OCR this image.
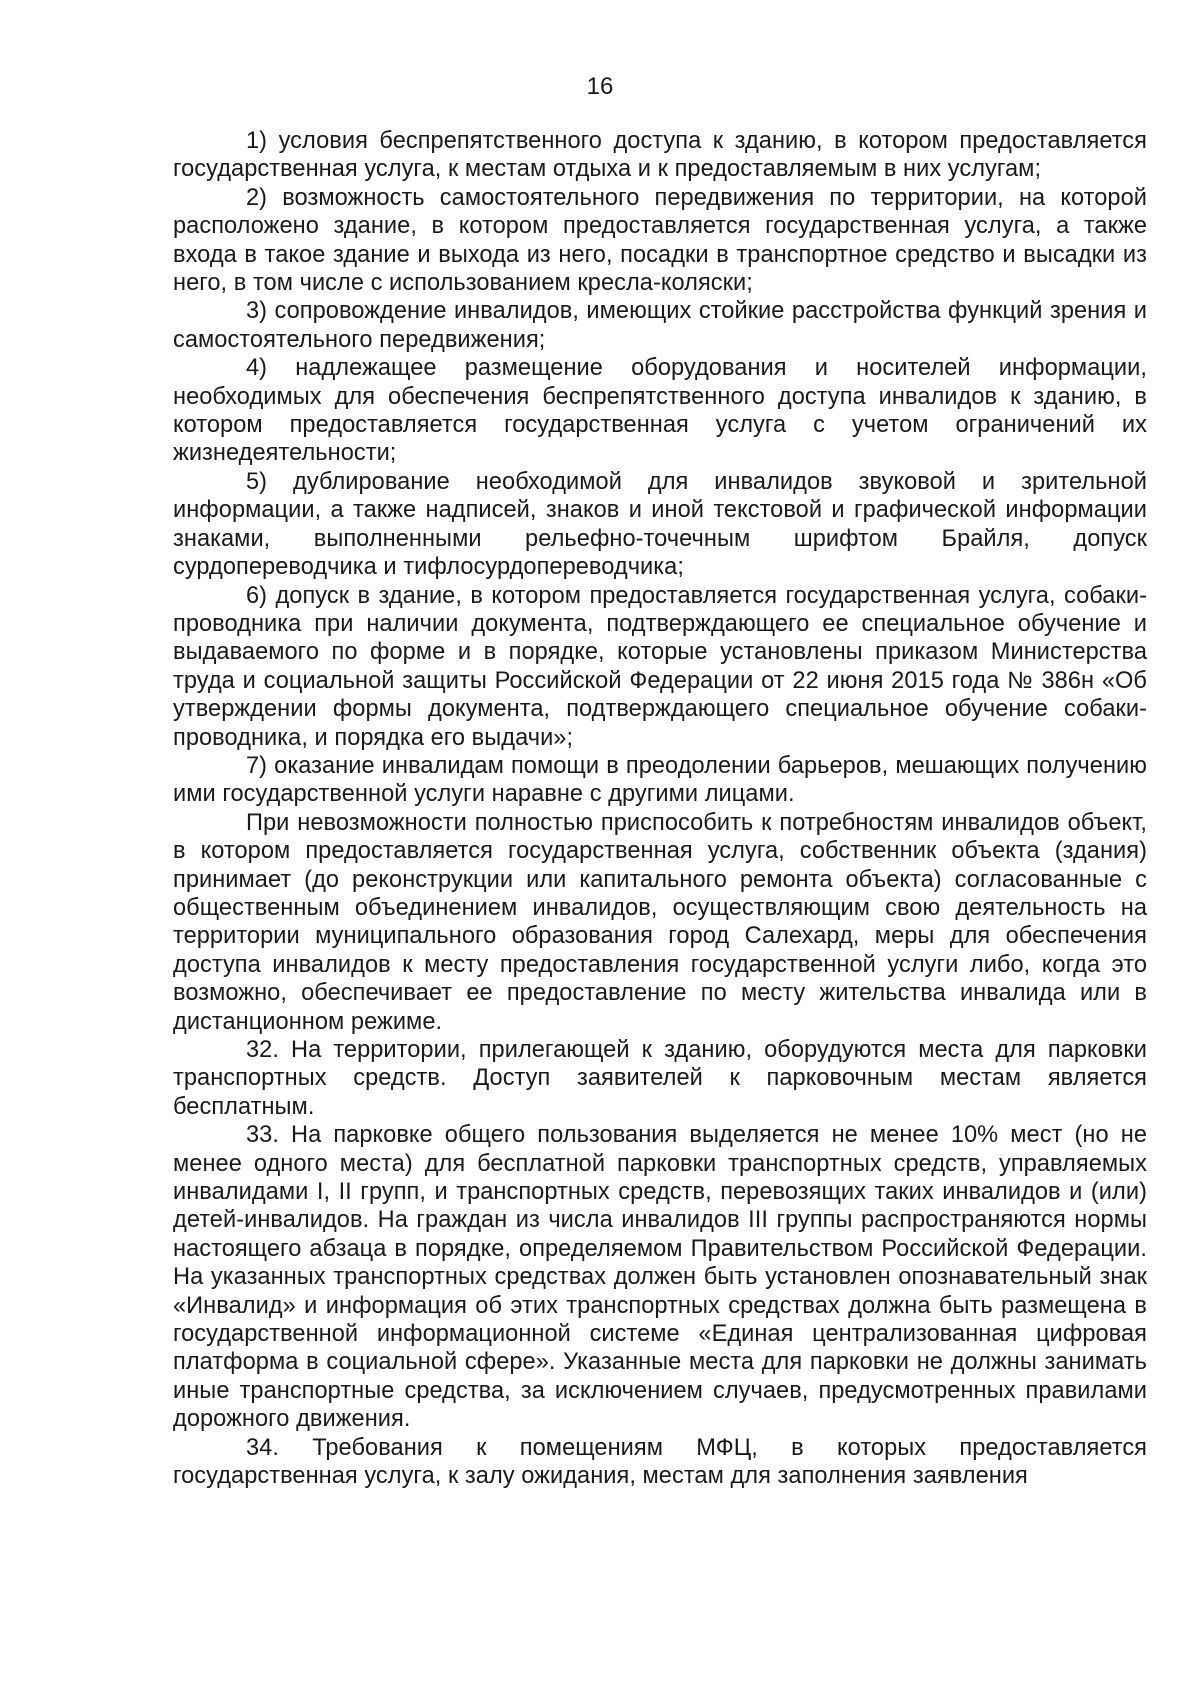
16

1) условия беспрепятственного доступа к зданию, в котором предоставляется государственная услуга, к местам отдыха и к предоставляемым в них услугам;

2) возможность самостоятельного передвижения по территории, на которой расположено здание, в котором предоставляется государственная услуга, а также входа в такое здание и выхода из него, посадки в транспортное средство и высадки из него, в том числе с использованием кресла-коляски;

3) сопровождение инвалидов, имеющих стойкие расстройства функций зрения и самостоятельного передвижения;

4) надлежащее размещение оборудования и носителей информации, необходимых для обеспечения беспрепятственного доступа инвалидов к зданию, в котором предоставляется государственная услуга с учетом ограничений их жизнедеятельности;

5) дублирование необходимой для инвалидов звуковой и зрительной информации, а также надписей, знаков и иной текстовой и графической информации знаками, выполненными рельефно-точечным шрифтом Брайля, допуск сурдопереводчика и тифлосурдопереводчика;

6) допуск в здание, в котором предоставляется государственная услуга, собаки-проводника при наличии документа, подтверждающего ее специальное обучение и выдаваемого по форме и в порядке, которые установлены приказом Министерства труда и социальной защиты Российской Федерации от 22 июня 2015 года № 386н «Об утверждении формы документа, подтверждающего специальное обучение собаки-проводника, и порядка его выдачи»;

7) оказание инвалидам помощи в преодолении барьеров, мешающих получению ими государственной услуги наравне с другими лицами.

При невозможности полностью приспособить к потребностям инвалидов объект, в котором предоставляется государственная услуга, собственник объекта (здания) принимает (до реконструкции или капитального ремонта объекта) согласованные с общественным объединением инвалидов, осуществляющим свою деятельность на территории муниципального образования город Салехард, меры для обеспечения доступа инвалидов к месту предоставления государственной услуги либо, когда это возможно, обеспечивает ее предоставление по месту жительства инвалида или в дистанционном режиме.

32. На территории, прилегающей к зданию, оборудуются места для парковки транспортных средств. Доступ заявителей к парковочным местам является бесплатным.

33. На парковке общего пользования выделяется не менее 10% мест (но не менее одного места) для бесплатной парковки транспортных средств, управляемых инвалидами I, II групп, и транспортных средств, перевозящих таких инвалидов и (или) детей-инвалидов. На граждан из числа инвалидов III группы распространяются нормы настоящего абзаца в порядке, определяемом Правительством Российской Федерации. На указанных транспортных средствах должен быть установлен опознавательный знак «Инвалид» и информация об этих транспортных средствах должна быть размещена в государственной информационной системе «Единая централизованная цифровая платформа в социальной сфере». Указанные места для парковки не должны занимать иные транспортные средства, за исключением случаев, предусмотренных правилами дорожного движения.

34. Требования к помещениям МФЦ, в которых предоставляется государственная услуга, к залу ожидания, местам для заполнения заявления
